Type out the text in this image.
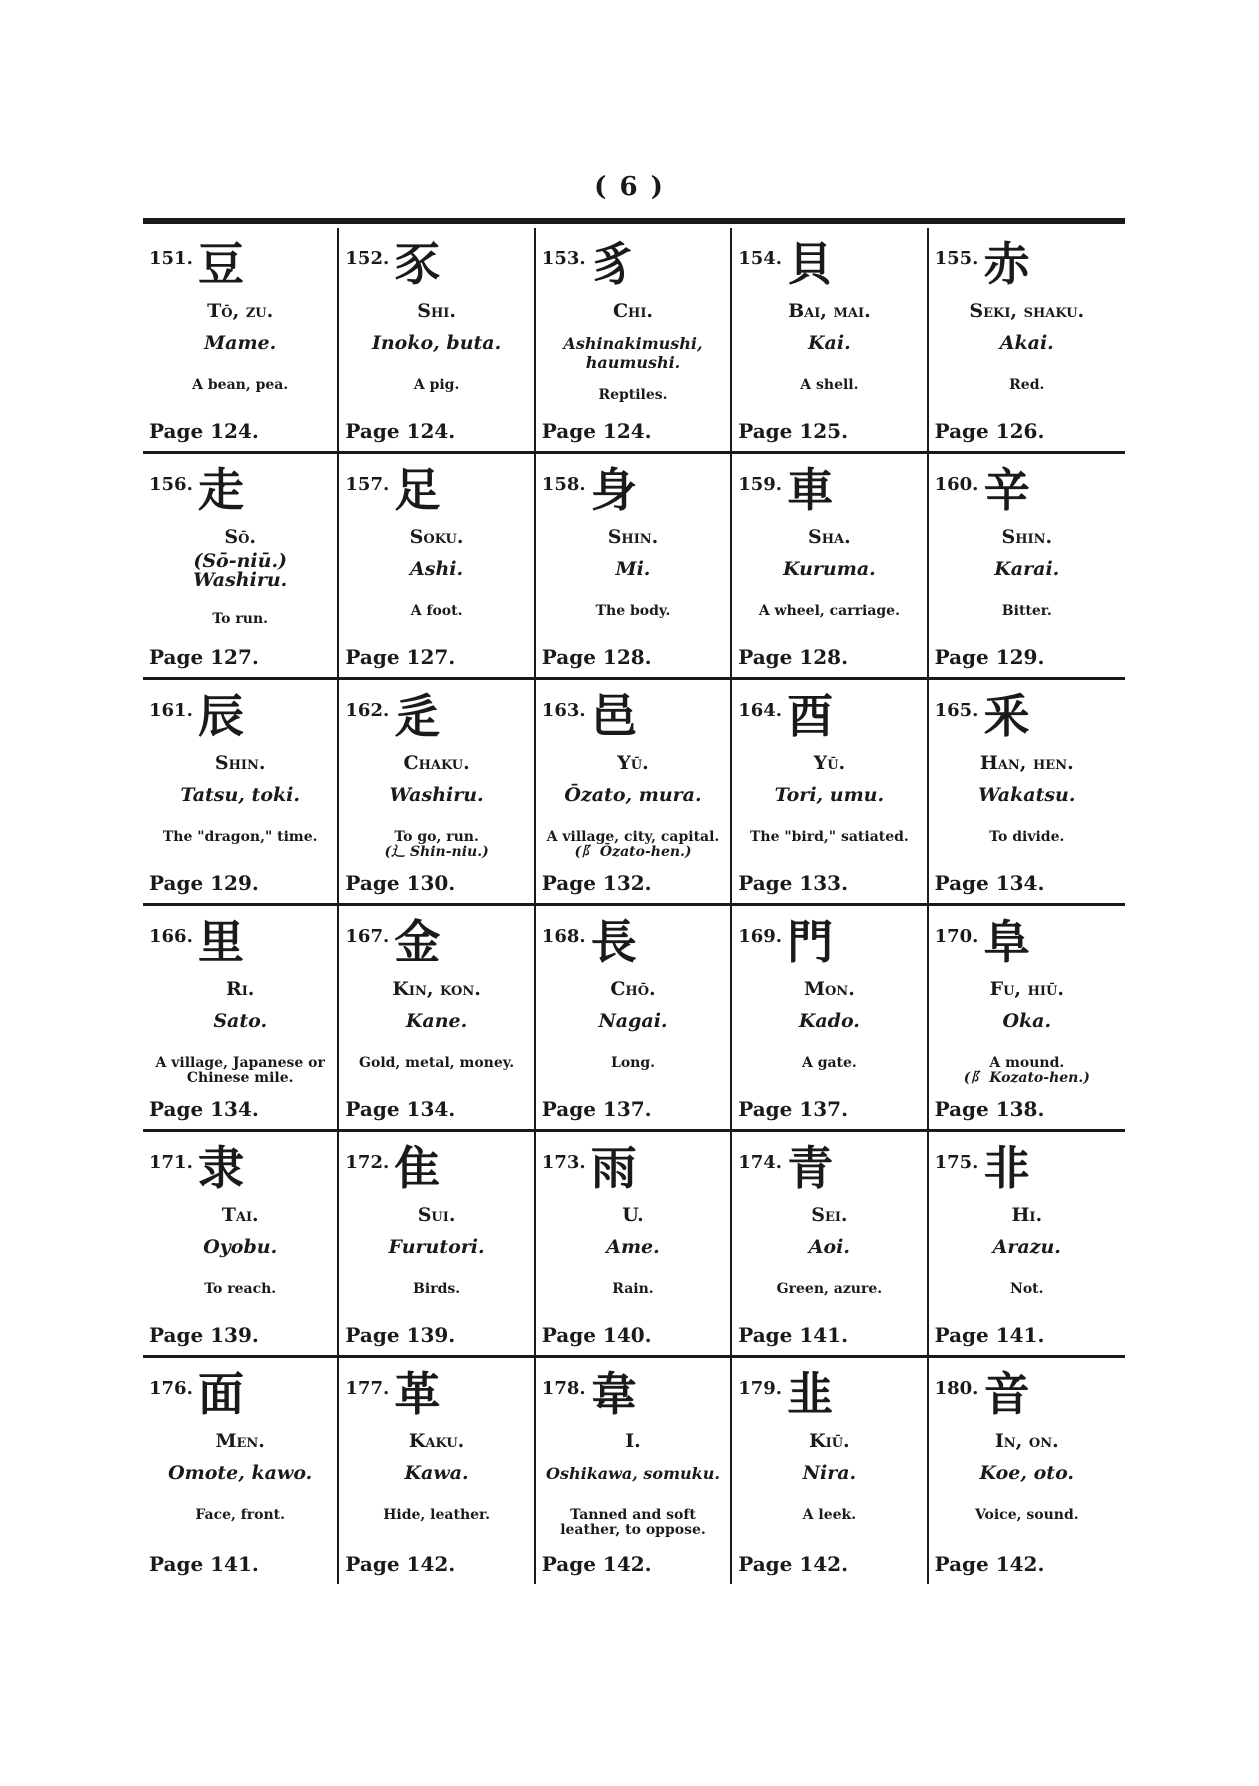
( 6 )
151. 豆
Tō, zu.
Mame.
A bean, pea.
Page 124.
152. 豕
Shi.
Inoko, buta.
A pig.
Page 124.
153. 豸
Chi.
Ashinakimushi, haumushi.
Reptiles.
Page 124.
154. 貝
Bai, mai.
Kai.
A shell.
Page 125.
155. 赤
Seki, shaku.
Akai.
Red.
Page 126.
156. 走
Sō.
(Sō-niū.)
Washiru.
To run.
Page 127.
157. 足
Soku.
Ashi.
A foot.
Page 127.
158. 身
Shin.
Mi.
The body.
Page 128.
159. 車
Sha.
Kuruma.
A wheel, carriage.
Page 128.
160. 辛
Shin.
Karai.
Bitter.
Page 129.
161. 辰
Shin.
Tatsu, toki.
The "dragon," time.
Page 129.
162. 辵
Chaku.
Washiru.
To go, run.
(辶 Shin-niu.)
Page 130.
163. 邑
Yū.
Ōzato, mura.
A village, city, capital.
(阝 Ōzato-hen.)
Page 132.
164. 酉
Yū.
Tori, umu.
The "bird," satiated.
Page 133.
165. 釆
Han, hen.
Wakatsu.
To divide.
Page 134.
166. 里
Ri.
Sato.
A village, Japanese or Chinese mile.
Page 134.
167. 金
Kin, kon.
Kane.
Gold, metal, money.
Page 134.
168. 長
Chō.
Nagai.
Long.
Page 137.
169. 門
Mon.
Kado.
A gate.
Page 137.
170. 阜
Fu, hiū.
Oka.
A mound.
(阝 Kozato-hen.)
Page 138.
171. 隶
Tai.
Oyobu.
To reach.
Page 139.
172. 隹
Sui.
Furutori.
Birds.
Page 139.
173. 雨
U.
Ame.
Rain.
Page 140.
174. 青
Sei.
Aoi.
Green, azure.
Page 141.
175. 非
Hi.
Arazu.
Not.
Page 141.
176. 面
Men.
Omote, kawo.
Face, front.
Page 141.
177. 革
Kaku.
Kawa.
Hide, leather.
Page 142.
178. 韋
I.
Oshikawa, somuku.
Tanned and soft leather, to oppose.
Page 142.
179. 韭
Kiū.
Nira.
A leek.
Page 142.
180. 音
In, on.
Koe, oto.
Voice, sound.
Page 142.
